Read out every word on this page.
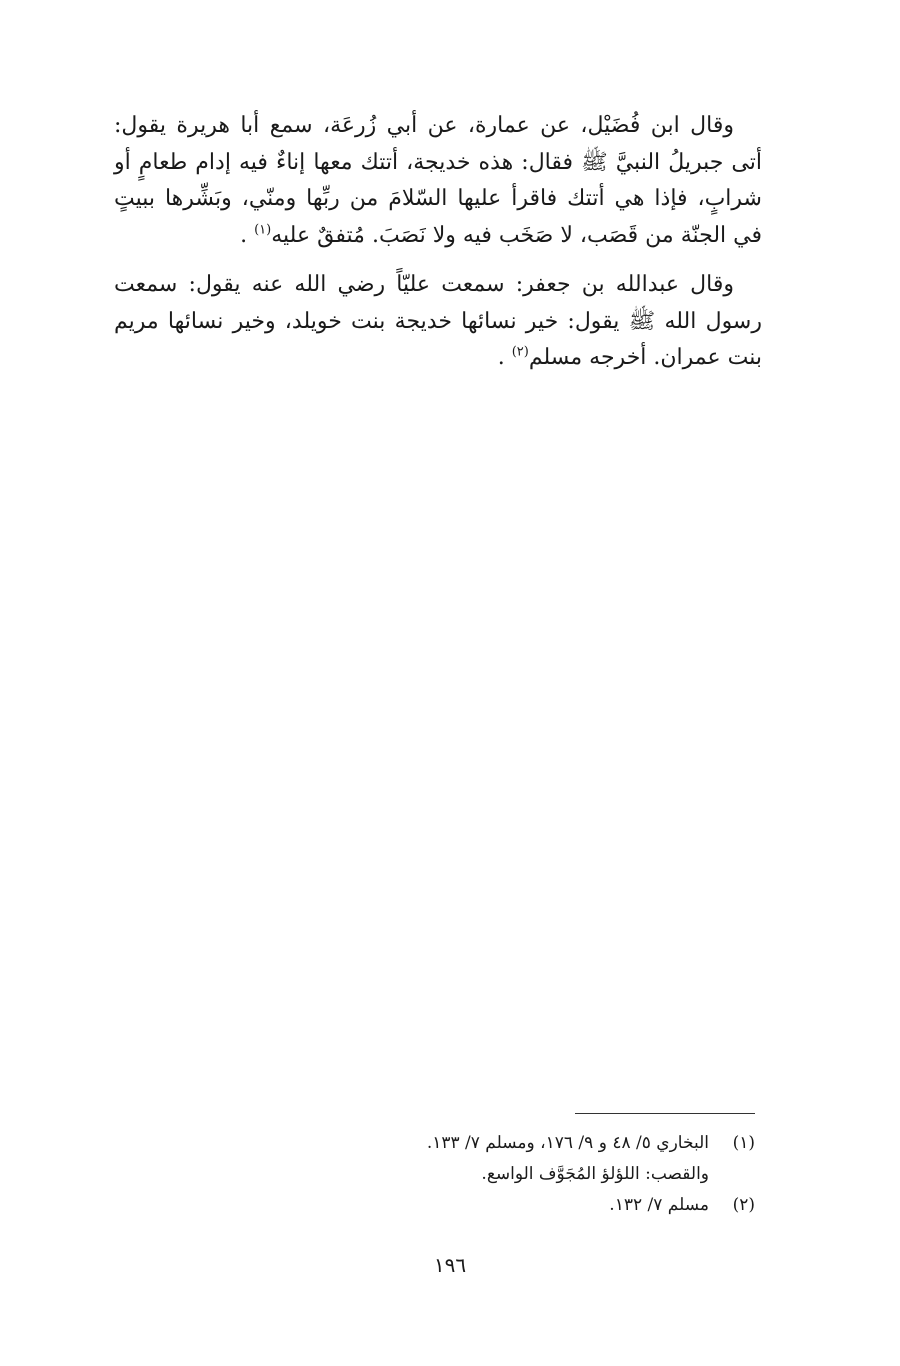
وقال ابن فُضَيْل، عن عمارة، عن أبي زُرعَة، سمع أبا هريرة يقول: أتى جبريلُ النبيَّ ﷺ فقال: هذه خديجة، أتتك معها إناءٌ فيه إدام طعامٍ أو شرابٍ، فإذا هي أتتك فاقرأ عليها السّلامَ من ربِّها ومنّي، وبَشِّرها ببيتٍ في الجنّة من قَصَب، لا صَخَب فيه ولا نَصَبَ. مُتفقٌ عليه$^{(١)}$ .

وقال عبدالله بن جعفر: سمعت عليّاً رضي الله عنه يقول: سمعت رسول الله ﷺ يقول: خير نسائها خديجة بنت خويلد، وخير نسائها مريم بنت عمران. أخرجه مسلم$^{(٢)}$ .

(١)
البخاري ٥/ ٤٨ و ٩/ ١٧٦، ومسلم ٧/ ١٣٣.
والقصب: اللؤلؤ المُجَوَّف الواسع.
(٢)
مسلم ٧/ ١٣٢.
١٩٦
